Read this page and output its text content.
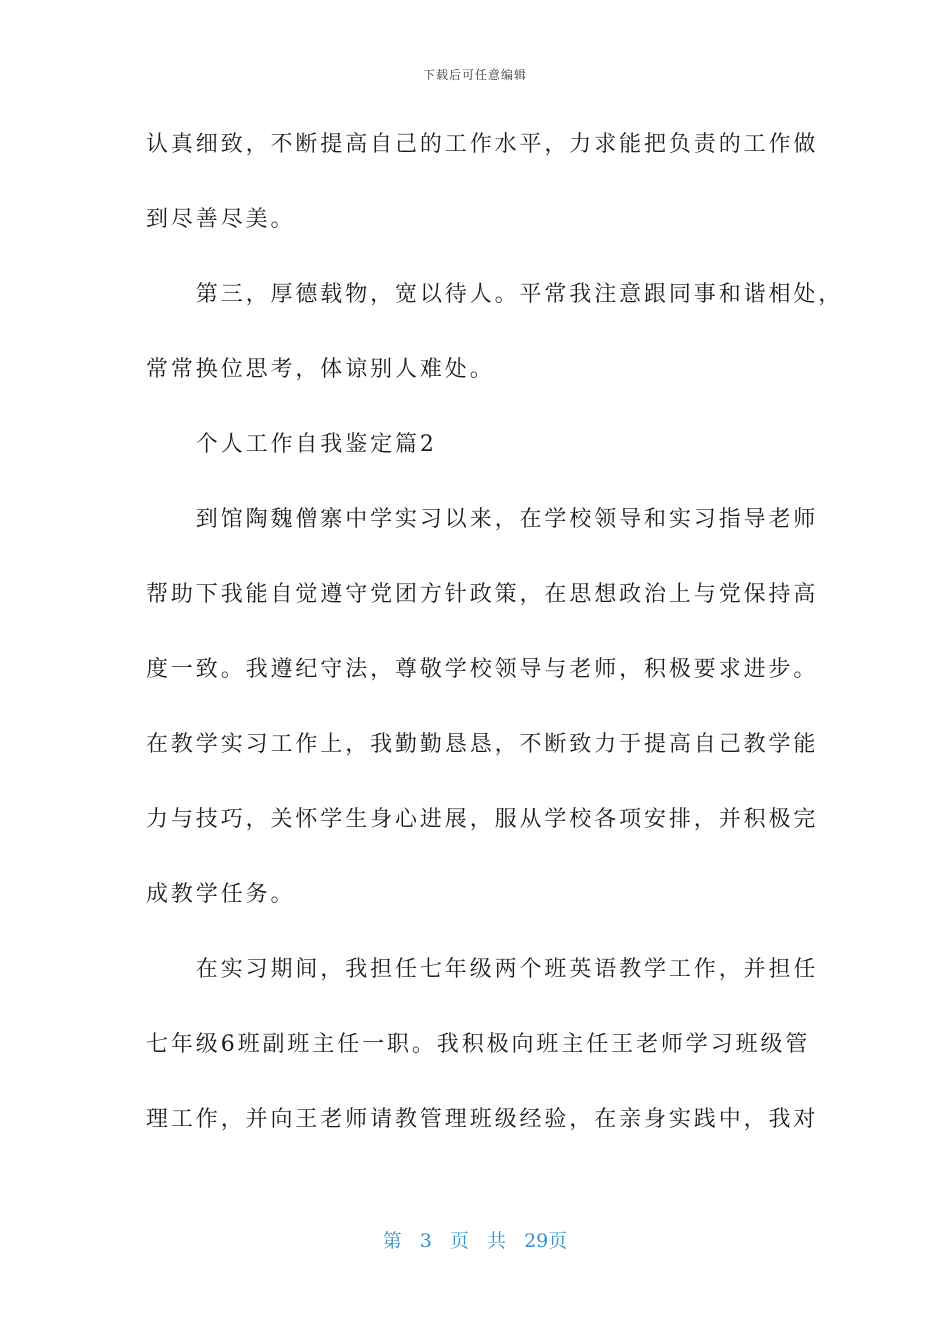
下载后可任意编辑
认真细致，不断提高自己的工作水平，力求能把负责的工作做
到尽善尽美。
　　第三，厚德载物，宽以待人。平常我注意跟同事和谐相处，
常常换位思考，体谅别人难处。
　　个人工作自我鉴定篇2
　　到馆陶魏僧寨中学实习以来，在学校领导和实习指导老师
帮助下我能自觉遵守党团方针政策，在思想政治上与党保持高
度一致。我遵纪守法，尊敬学校领导与老师，积极要求进步。
在教学实习工作上，我勤勤恳恳，不断致力于提高自己教学能
力与技巧，关怀学生身心进展，服从学校各项安排，并积极完
成教学任务。
　　在实习期间，我担任七年级两个班英语教学工作，并担任
七年级6班副班主任一职。我积极向班主任王老师学习班级管
理工作，并向王老师请教管理班级经验，在亲身实践中，我对
第 3 页 共 29页
